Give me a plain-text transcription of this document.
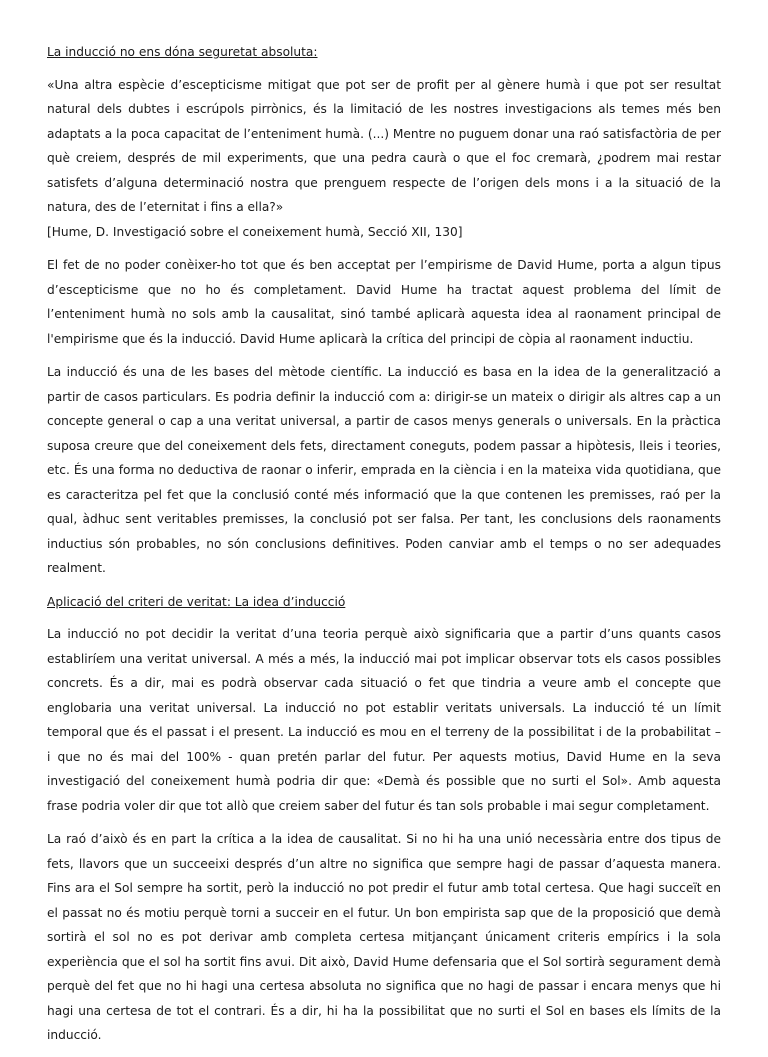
La inducció no ens dóna seguretat absoluta:

«Una altra espècie d’escepticisme mitigat que pot ser de profit per al gènere humà i que pot ser resultat natural dels dubtes i escrúpols pirrònics, és la limitació de les nostres investigacions als temes més ben adaptats a la poca capacitat de l’enteniment humà. (...) Mentre no puguem donar una raó satisfactòria de per què creiem, després de mil experiments, que una pedra caurà o que el foc cremarà, ¿podrem mai restar satisfets d’alguna determinació nostra que prenguem respecte de l’origen dels mons i a la situació de la natura, des de l’eternitat i fins a ella?»
[Hume, D. Investigació sobre el coneixement humà, Secció XII, 130]

El fet de no poder conèixer-ho tot que és ben acceptat per l’empirisme de David Hume, porta a algun tipus d’escepticisme que no ho és completament. David Hume ha tractat aquest problema del límit de l’enteniment humà no sols amb la causalitat, sinó també aplicarà aquesta idea al raonament principal de l'empirisme que és la inducció. David Hume aplicarà la crítica del principi de còpia al raonament inductiu.

La inducció és una de les bases del mètode científic. La inducció es basa en la idea de la generalització a partir de casos particulars. Es podria definir la inducció com a: dirigir-se un mateix o dirigir als altres cap a un concepte general o cap a una veritat universal, a partir de casos menys generals o universals. En la pràctica suposa creure que del coneixement dels fets, directament coneguts, podem passar a hipòtesis, lleis i teories, etc. És una forma no deductiva de raonar o inferir, emprada en la ciència i en la mateixa vida quotidiana, que es caracteritza pel fet que la conclusió conté més informació que la que contenen les premisses, raó per la qual, àdhuc sent veritables premisses, la conclusió pot ser falsa. Per tant, les conclusions dels raonaments inductius són probables, no són conclusions definitives. Poden canviar amb el temps o no ser adequades realment.

Aplicació del criteri de veritat: La idea d’inducció

La inducció no pot decidir la veritat d’una teoria perquè això significaria que a partir d’uns quants casos establiríem una veritat universal. A més a més, la inducció mai pot implicar observar tots els casos possibles concrets. És a dir, mai es podrà observar cada situació o fet que tindria a veure amb el concepte que englobaria una veritat universal. La inducció no pot establir veritats universals. La inducció té un límit temporal que és el passat i el present. La inducció es mou en el terreny de la possibilitat i de la probabilitat – i que no és mai del 100% - quan pretén parlar del futur. Per aquests motius, David Hume en la seva investigació del coneixement humà podria dir que: «Demà és possible que no surti el Sol». Amb aquesta frase podria voler dir que tot allò que creiem saber del futur és tan sols probable i mai segur completament.

La raó d’això és en part la crítica a la idea de causalitat. Si no hi ha una unió necessària entre dos tipus de fets, llavors que un succeeixi després d’un altre no significa que sempre hagi de passar d’aquesta manera. Fins ara el Sol sempre ha sortit, però la inducció no pot predir el futur amb total certesa. Que hagi succeït en el passat no és motiu perquè torni a succeir en el futur. Un bon empirista sap que de la proposició que demà sortirà el sol no es pot derivar amb completa certesa mitjançant únicament criteris empírics i la sola experiència que el sol ha sortit fins avui. Dit això, David Hume defensaria que el Sol sortirà segurament demà perquè del fet que no hi hagi una certesa absoluta no significa que no hagi de passar i encara menys que hi hagi una certesa de tot el contrari. És a dir, hi ha la possibilitat que no surti el Sol en bases els límits de la inducció.
